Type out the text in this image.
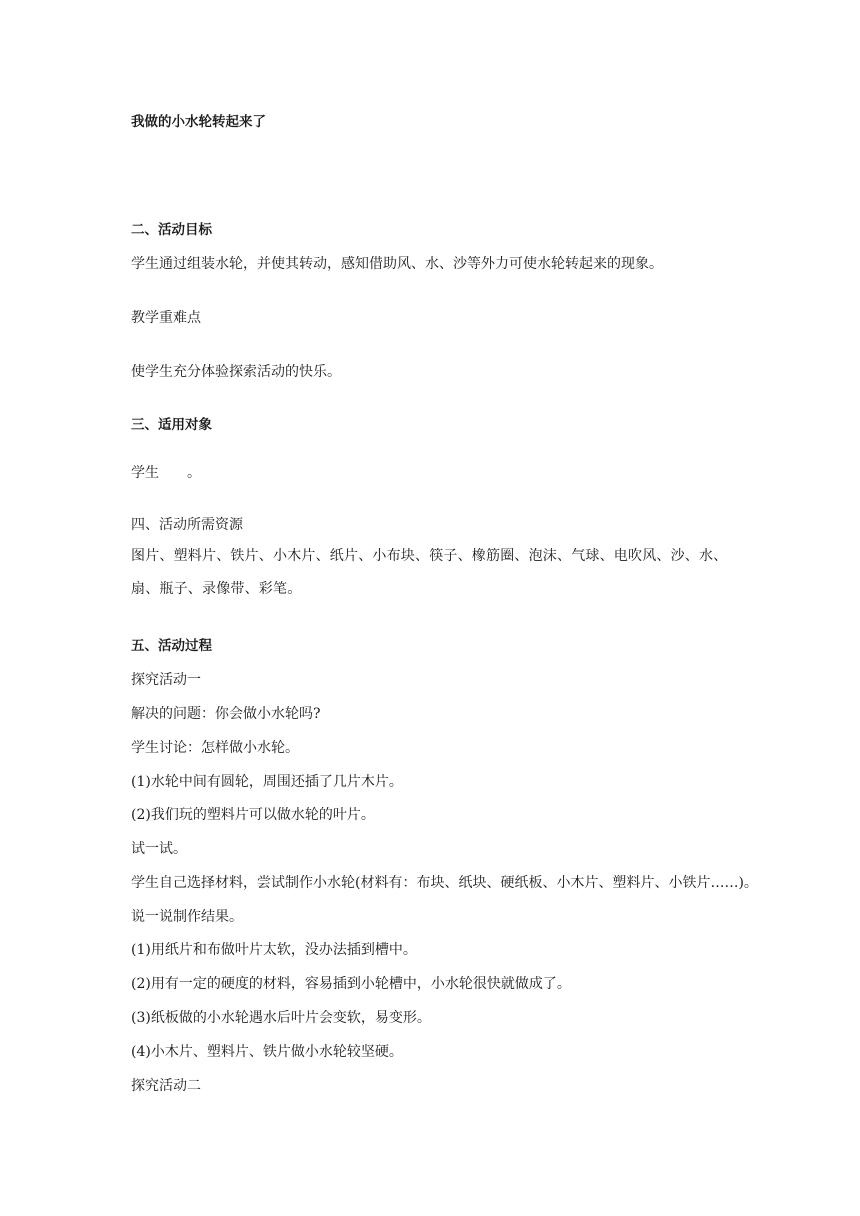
我做的小水轮转起来了
二、活动目标
学生通过组装水轮，并使其转动，感知借助风、水、沙等外力可使水轮转起来的现象。
教学重难点
使学生充分体验探索活动的快乐。
三、适用对象
学生　　。
四、活动所需资源
图片、塑料片、铁片、小木片、纸片、小布块、筷子、橡筋圈、泡沫、气球、电吹风、沙、水、扇、瓶子、录像带、彩笔。
五、活动过程
探究活动一
解决的问题：你会做小水轮吗?
学生讨论：怎样做小水轮。
(1)水轮中间有圆轮，周围还插了几片木片。
(2)我们玩的塑料片可以做水轮的叶片。
试一试。
学生自己选择材料，尝试制作小水轮(材料有：布块、纸块、硬纸板、小木片、塑料片、小铁片……)。
说一说制作结果。
(1)用纸片和布做叶片太软，没办法插到槽中。
(2)用有一定的硬度的材料，容易插到小轮槽中，小水轮很快就做成了。
(3)纸板做的小水轮遇水后叶片会变软，易变形。
(4)小木片、塑料片、铁片做小水轮较坚硬。
探究活动二
